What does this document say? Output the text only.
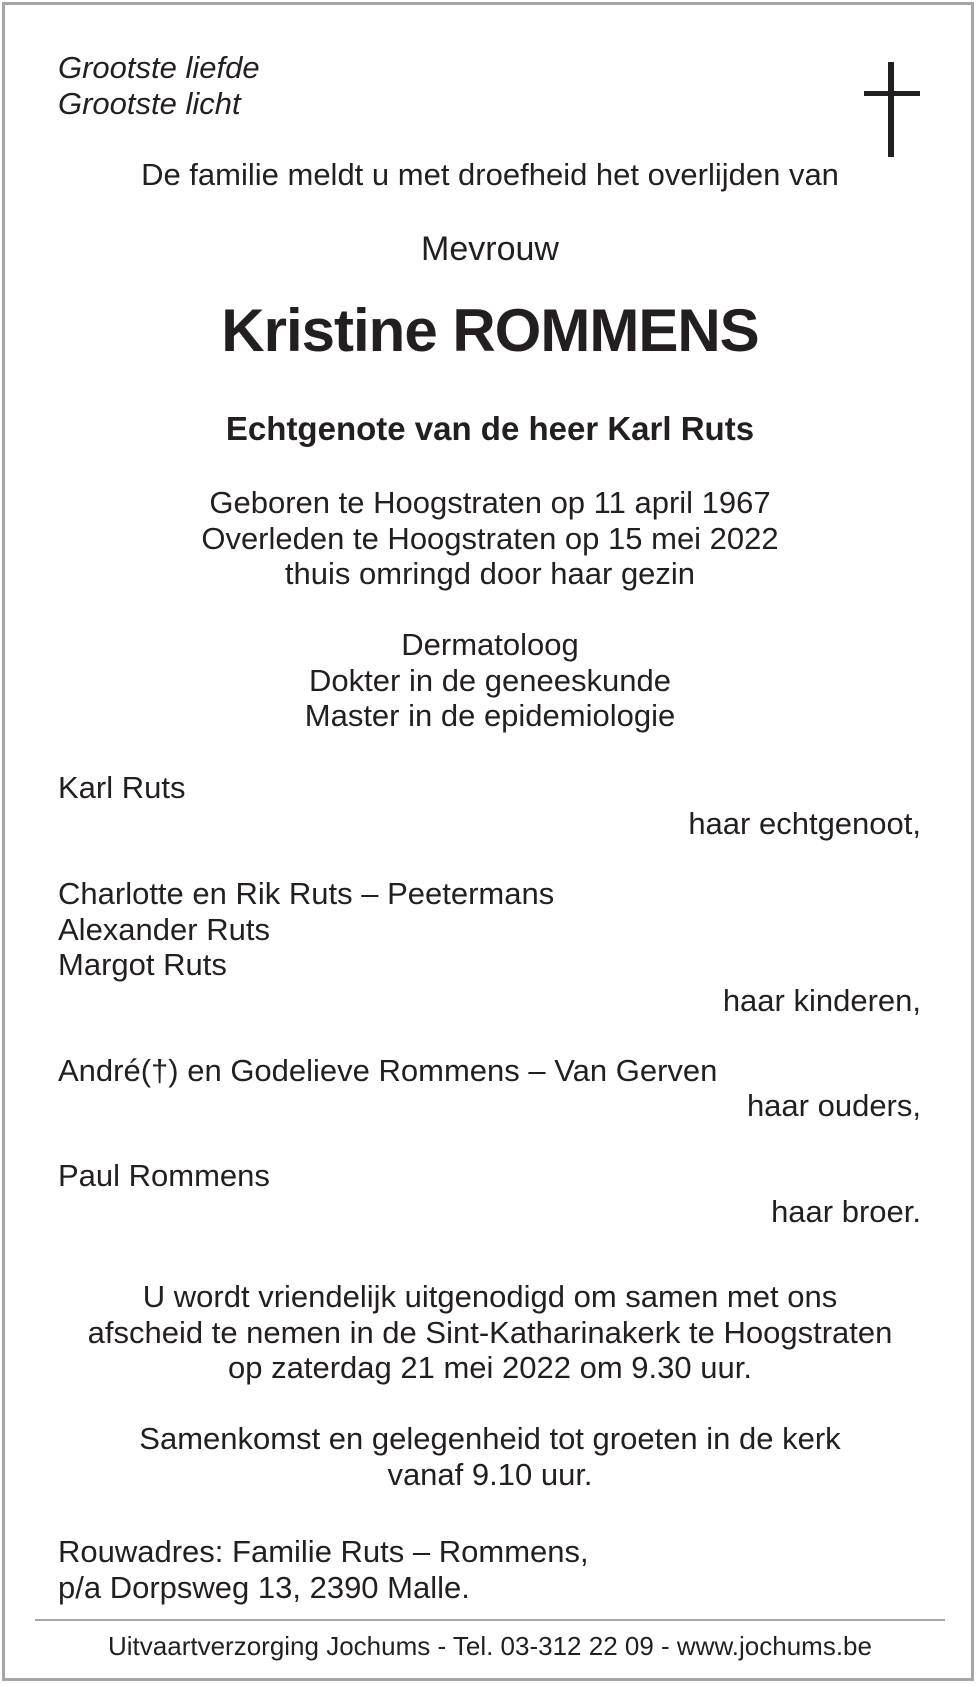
Grootste liefde
Grootste licht
De familie meldt u met droefheid het overlijden van
Mevrouw
Kristine ROMMENS
Echtgenote van de heer Karl Ruts
Geboren te Hoogstraten op 11 april 1967
Overleden te Hoogstraten op 15 mei 2022
thuis omringd door haar gezin
Dermatoloog
Dokter in de geneeskunde
Master in de epidemiologie
Karl Ruts
haar echtgenoot,
Charlotte en Rik Ruts – Peetermans
Alexander Ruts
Margot Ruts
haar kinderen,
André(†) en Godelieve Rommens – Van Gerven
haar ouders,
Paul Rommens
haar broer.
U wordt vriendelijk uitgenodigd om samen met ons
afscheid te nemen in de Sint-Katharinakerk te Hoogstraten
op zaterdag 21 mei 2022 om 9.30 uur.
Samenkomst en gelegenheid tot groeten in de kerk
vanaf 9.10 uur.
Rouwadres: Familie Ruts – Rommens,
p/a Dorpsweg 13, 2390 Malle.
Uitvaartverzorging Jochums - Tel. 03-312 22 09 - www.jochums.be
